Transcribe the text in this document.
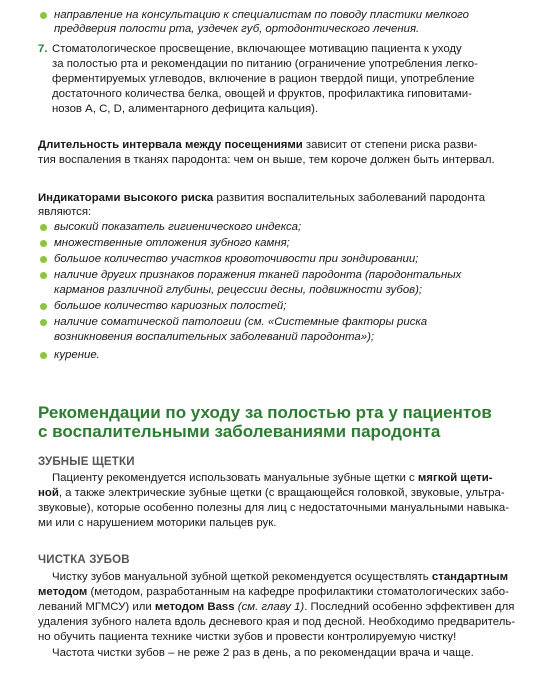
направление на консультацию к специалистам по поводу пластики мелкого
преддверия полости рта, уздечек губ, ортодонтического лечения.
7. Стоматологическое просвещение, включающее мотивацию пациента к уходу
за полостью рта и рекомендации по питанию (ограничение употребления легко-
ферментируемых углеводов, включение в рацион твердой пищи, употребление
достаточного количества белка, овощей и фруктов, профилактика гиповитами-
нозов A, C, D, алиментарного дефицита кальция).
Длительность интервала между посещениями зависит от степени риска разви-
тия воспаления в тканях пародонта: чем он выше, тем короче должен быть интервал.
Индикаторами высокого риска развития воспалительных заболеваний пародонта
являются:
высокий показатель гигиенического индекса;
множественные отложения зубного камня;
большое количество участков кровоточивости при зондировании;
наличие других признаков поражения тканей пародонта (пародонтальных
карманов различной глубины, рецессии десны, подвижности зубов);
большое количество кариозных полостей;
наличие соматической патологии (см. «Системные факторы риска
возникновения воспалительных заболеваний пародонта»);
курение.
Рекомендации по уходу за полостью рта у пациентов
с воспалительными заболеваниями пародонта
ЗУБНЫЕ ЩЕТКИ
Пациенту рекомендуется использовать мануальные зубные щетки с мягкой щети-
ной, а также электрические зубные щетки (с вращающейся головкой, звуковые, ультра-
звуковые), которые особенно полезны для лиц с недостаточными мануальными навыка-
ми или с нарушением моторики пальцев рук.
ЧИСТКА ЗУБОВ
Чистку зубов мануальной зубной щеткой рекомендуется осуществлять стандартным
методом (методом, разработанным на кафедре профилактики стоматологических забо-
леваний МГМСУ) или методом Bass (см. главу 1). Последний особенно эффективен для
удаления зубного налета вдоль десневого края и под десной. Необходимо предваритель-
но обучить пациента технике чистки зубов и провести контролируемую чистку!
Частота чистки зубов – не реже 2 раз в день, а по рекомендации врача и чаще.
